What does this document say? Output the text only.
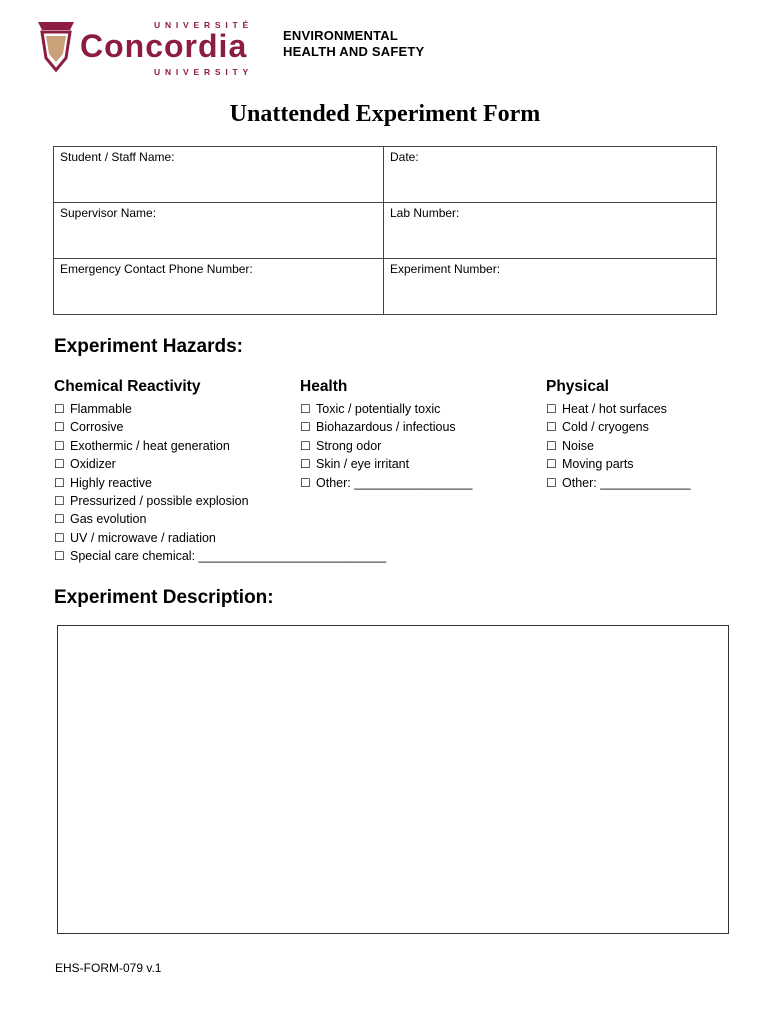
UNIVERSITÉ
Concordia
UNIVERSITY
ENVIRONMENTAL
HEALTH AND SAFETY
Unattended Experiment Form
Student / Staff Name:	Date:
Supervisor Name:	Lab Number:
Emergency Contact Phone Number:	Experiment Number:
Experiment Hazards:
Chemical Reactivity
☐ Flammable
☐ Corrosive
☐ Exothermic / heat generation
☐ Oxidizer
☐ Highly reactive
☐ Pressurized / possible explosion
☐ Gas evolution
☐ UV / microwave / radiation
☐ Special care chemical: ___________________________
Health
☐ Toxic / potentially toxic
☐ Biohazardous / infectious
☐ Strong odor
☐ Skin / eye irritant
☐ Other: _________________
Physical
☐ Heat / hot surfaces
☐ Cold / cryogens
☐ Noise
☐ Moving parts
☐ Other: _____________
Experiment Description:
EHS-FORM-079 v.1
